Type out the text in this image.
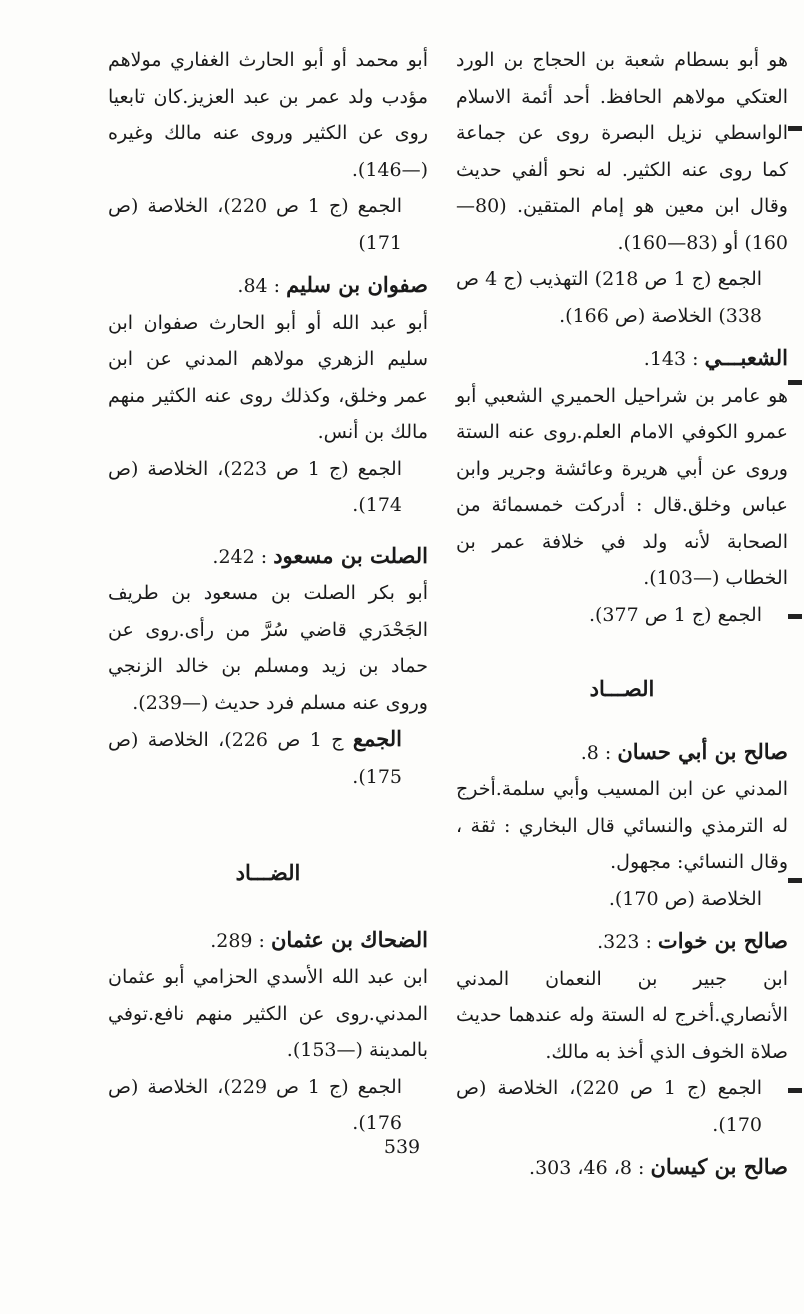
هو أبو بسطام شعبة بن الحجاج بن الورد العتكي مولاهم الحافظ. أحد أئمة الاسلام الواسطي نزيل البصرة روى عن جماعة كما روى عنه الكثير. له نحو ألفي حديث وقال ابن معين هو إمام المتقين. (80—160) أو (83—160).

الجمع (ج 1 ص 218) التهذيب (ج 4 ص 338) الخلاصة (ص 166).

الشعبـــي : 143.

هو عامر بن شراحيل الحميري الشعبي أبو عمرو الكوفي الامام العلم.روى عنه الستة وروى عن أبي هريرة وعائشة وجرير وابن عباس وخلق.قال : أدركت خمسمائة من الصحابة لأنه ولد في خلافة عمر بن الخطاب (—103).

الجمع (ج 1 ص 377).

الصـــاد

صالح بن أبي حسان : 8.

المدني عن ابن المسيب وأبي سلمة.أخرج له الترمذي والنسائي قال البخاري : ثقة ، وقال النسائي: مجهول.

الخلاصة (ص 170).

صالح بن خوات : 323.

ابن جبير بن النعمان المدني الأنصاري.أخرج له الستة وله عندهما حديث صلاة الخوف الذي أخذ به مالك.

الجمع (ج 1 ص 220)، الخلاصة (ص 170).

صالح بن كيسان : 8، 46، 303.

أبو محمد أو أبو الحارث الغفاري مولاهم مؤدب ولد عمر بن عبد العزيز.كان تابعيا روى عن الكثير وروى عنه مالك وغيره (—146).

الجمع (ج 1 ص 220)، الخلاصة (ص 171)

صفوان بن سليم : 84.

أبو عبد الله أو أبو الحارث صفوان ابن سليم الزهري مولاهم المدني عن ابن عمر وخلق، وكذلك روى عنه الكثير منهم مالك بن أنس.

الجمع (ج 1 ص 223)، الخلاصة (ص 174).

الصلت بن مسعود : 242.

أبو بكر الصلت بن مسعود بن طريف الجَحْدَري قاضي سُرَّ من رأى.روى عن حماد بن زيد ومسلم بن خالد الزنجي وروى عنه مسلم فرد حديث (—239).

الجمع ج 1 ص 226)، الخلاصة (ص 175).

الضـــاد

الضحاك بن عثمان : 289.

ابن عبد الله الأسدي الحزامي أبو عثمان المدني.روى عن الكثير منهم نافع.توفي بالمدينة (—153).

الجمع (ج 1 ص 229)، الخلاصة (ص 176).

539
